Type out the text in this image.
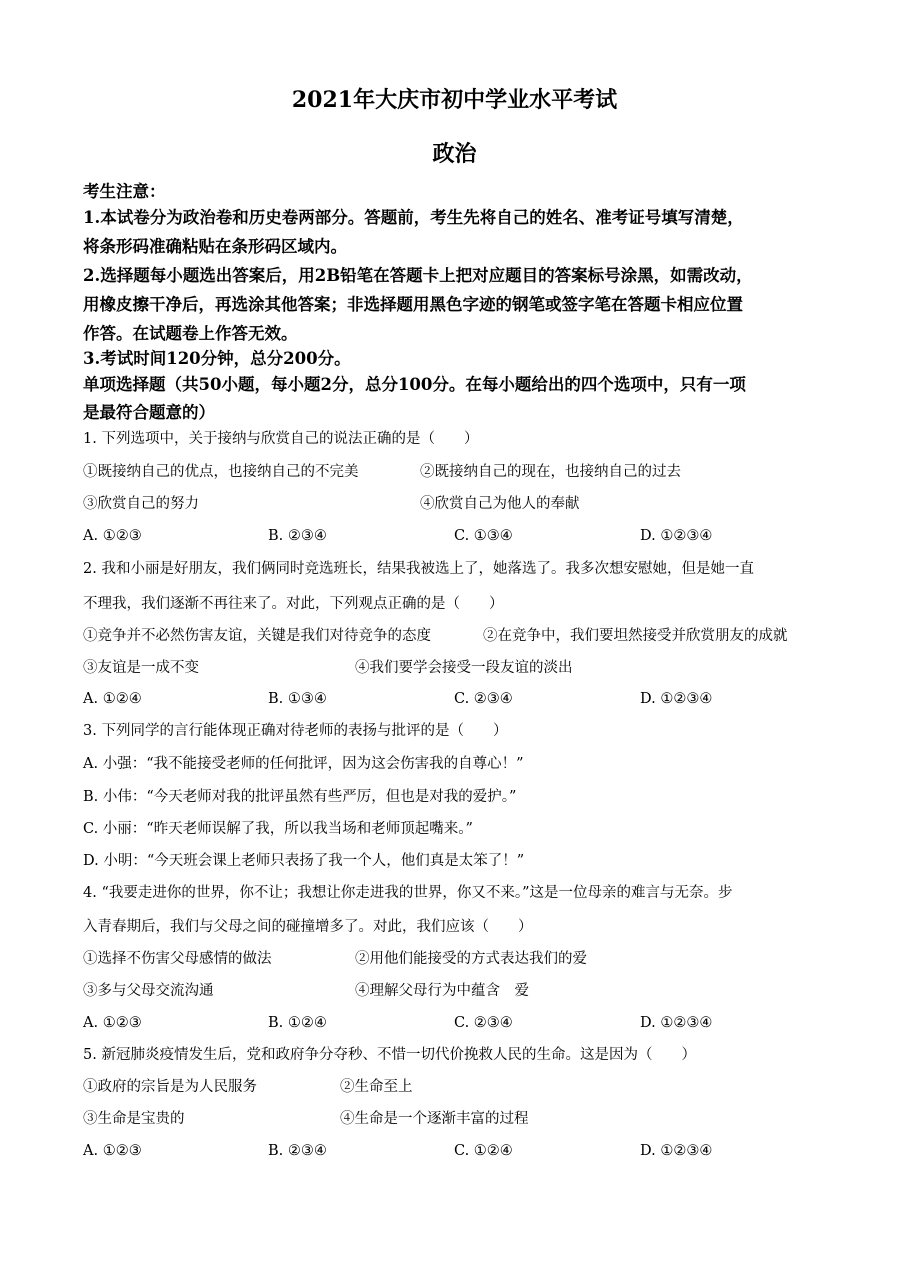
2021年大庆市初中学业水平考试
政治
考生注意：
1.本试卷分为政治卷和历史卷两部分。答题前，考生先将自己的姓名、准考证号填写清楚，
将条形码准确粘贴在条形码区域内。
2.选择题每小题选出答案后，用2B铅笔在答题卡上把对应题目的答案标号涂黑，如需改动，
用橡皮擦干净后，再选涂其他答案；非选择题用黑色字迹的钢笔或签字笔在答题卡相应位置
作答。在试题卷上作答无效。
3.考试时间120分钟，总分200分。
单项选择题（共50小题，每小题2分，总分100分。在每小题给出的四个选项中，只有一项
是最符合题意的）
1. 下列选项中，关于接纳与欣赏自己的说法正确的是（　　）
①既接纳自己的优点，也接纳自己的不完美	②既接纳自己的现在，也接纳自己的过去
③欣赏自己的努力	④欣赏自己为他人的奉献
A. ①②③	B. ②③④	C. ①③④	D. ①②③④
2. 我和小丽是好朋友，我们俩同时竞选班长，结果我被选上了，她落选了。我多次想安慰她，但是她一直
不理我，我们逐渐不再往来了。对此，下列观点正确的是（　　）
①竞争并不必然伤害友谊，关键是我们对待竞争的态度	②在竞争中，我们要坦然接受并欣赏朋友的成就
③友谊是一成不变	④我们要学会接受一段友谊的淡出
A. ①②④	B. ①③④	C. ②③④	D. ①②③④
3. 下列同学的言行能体现正确对待老师的表扬与批评的是（　　）
A. 小强：“我不能接受老师的任何批评，因为这会伤害我的自尊心！”
B. 小伟：“今天老师对我的批评虽然有些严厉，但也是对我的爱护。”
C. 小丽：“昨天老师误解了我，所以我当场和老师顶起嘴来。”
D. 小明：“今天班会课上老师只表扬了我一个人，他们真是太笨了！”
4. “我要走进你的世界，你不让；我想让你走进我的世界，你又不来。”这是一位母亲的难言与无奈。步
入青春期后，我们与父母之间的碰撞增多了。对此，我们应该（　　）
①选择不伤害父母感情的做法	②用他们能接受的方式表达我们的爱
③多与父母交流沟通	④理解父母行为中蕴含　爱
A. ①②③	B. ①②④	C. ②③④	D. ①②③④
5. 新冠肺炎疫情发生后，党和政府争分夺秒、不惜一切代价挽救人民的生命。这是因为（　　）
①政府的宗旨是为人民服务	②生命至上
③生命是宝贵的	④生命是一个逐渐丰富的过程
A. ①②③	B. ②③④	C. ①②④	D. ①②③④
